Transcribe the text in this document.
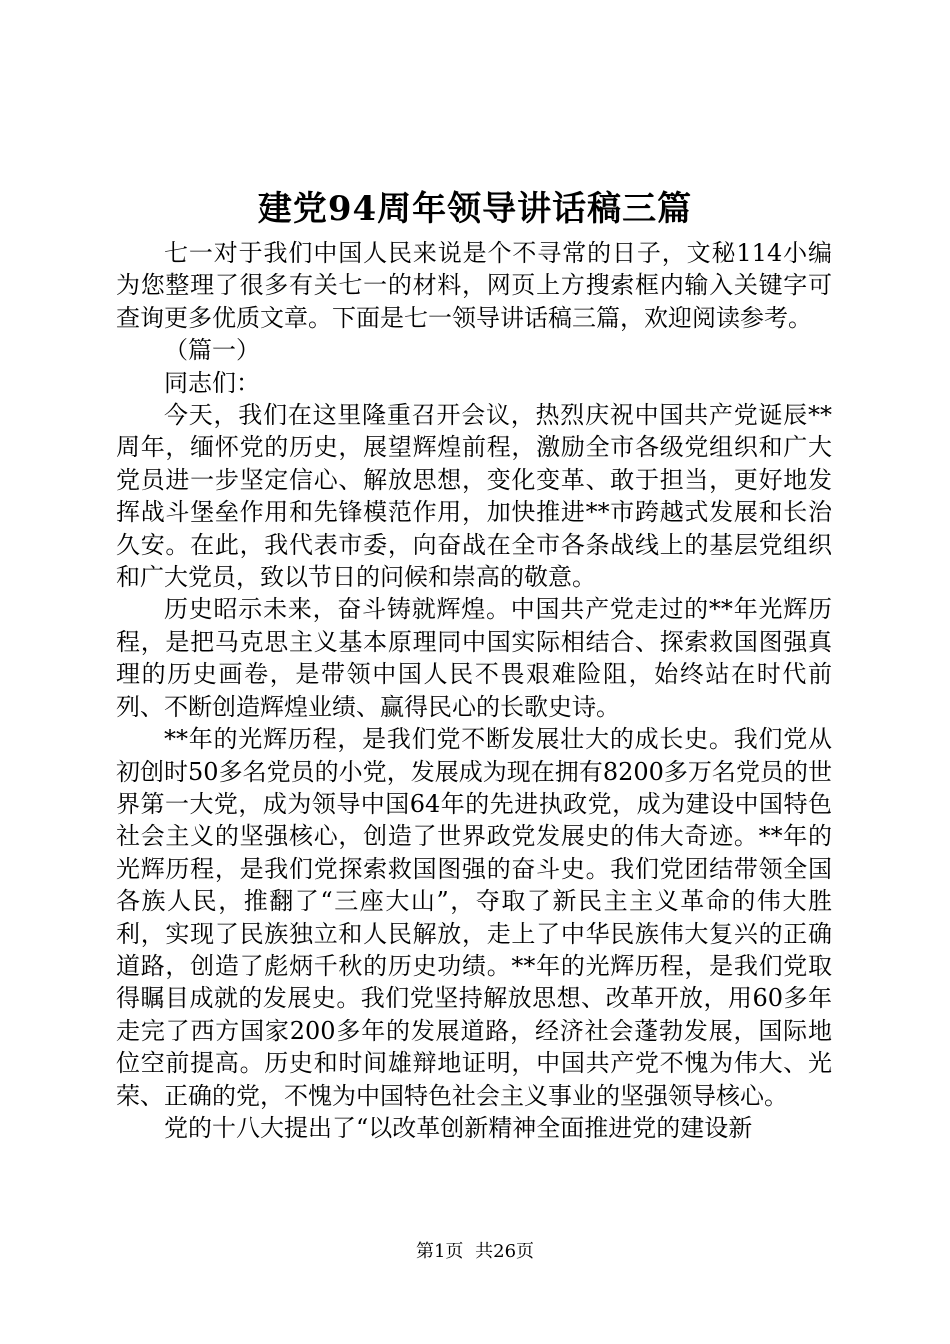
建党94周年领导讲话稿三篇

七一对于我们中国人民来说是个不寻常的日子，文秘114小编为您整理了很多有关七一的材料，网页上方搜索框内输入关键字可查询更多优质文章。下面是七一领导讲话稿三篇，欢迎阅读参考。

（篇一）

同志们：

今天，我们在这里隆重召开会议，热烈庆祝中国共产党诞辰**周年，缅怀党的历史，展望辉煌前程，激励全市各级党组织和广大党员进一步坚定信心、解放思想，变化变革、敢于担当，更好地发挥战斗堡垒作用和先锋模范作用，加快推进**市跨越式发展和长治久安。在此，我代表市委，向奋战在全市各条战线上的基层党组织和广大党员，致以节日的问候和崇高的敬意。

历史昭示未来，奋斗铸就辉煌。中国共产党走过的**年光辉历程，是把马克思主义基本原理同中国实际相结合、探索救国图强真理的历史画卷，是带领中国人民不畏艰难险阻，始终站在时代前列、不断创造辉煌业绩、赢得民心的长歌史诗。

**年的光辉历程，是我们党不断发展壮大的成长史。我们党从初创时50多名党员的小党，发展成为现在拥有8200多万名党员的世界第一大党，成为领导中国64年的先进执政党，成为建设中国特色社会主义的坚强核心，创造了世界政党发展史的伟大奇迹。**年的光辉历程，是我们党探索救国图强的奋斗史。我们党团结带领全国各族人民，推翻了“三座大山”，夺取了新民主主义革命的伟大胜利，实现了民族独立和人民解放，走上了中华民族伟大复兴的正确道路，创造了彪炳千秋的历史功绩。**年的光辉历程，是我们党取得瞩目成就的发展史。我们党坚持解放思想、改革开放，用60多年走完了西方国家200多年的发展道路，经济社会蓬勃发展，国际地位空前提高。历史和时间雄辩地证明，中国共产党不愧为伟大、光荣、正确的党，不愧为中国特色社会主义事业的坚强领导核心。

党的十八大提出了“以改革创新精神全面推进党的建设新

第1页 共26页
